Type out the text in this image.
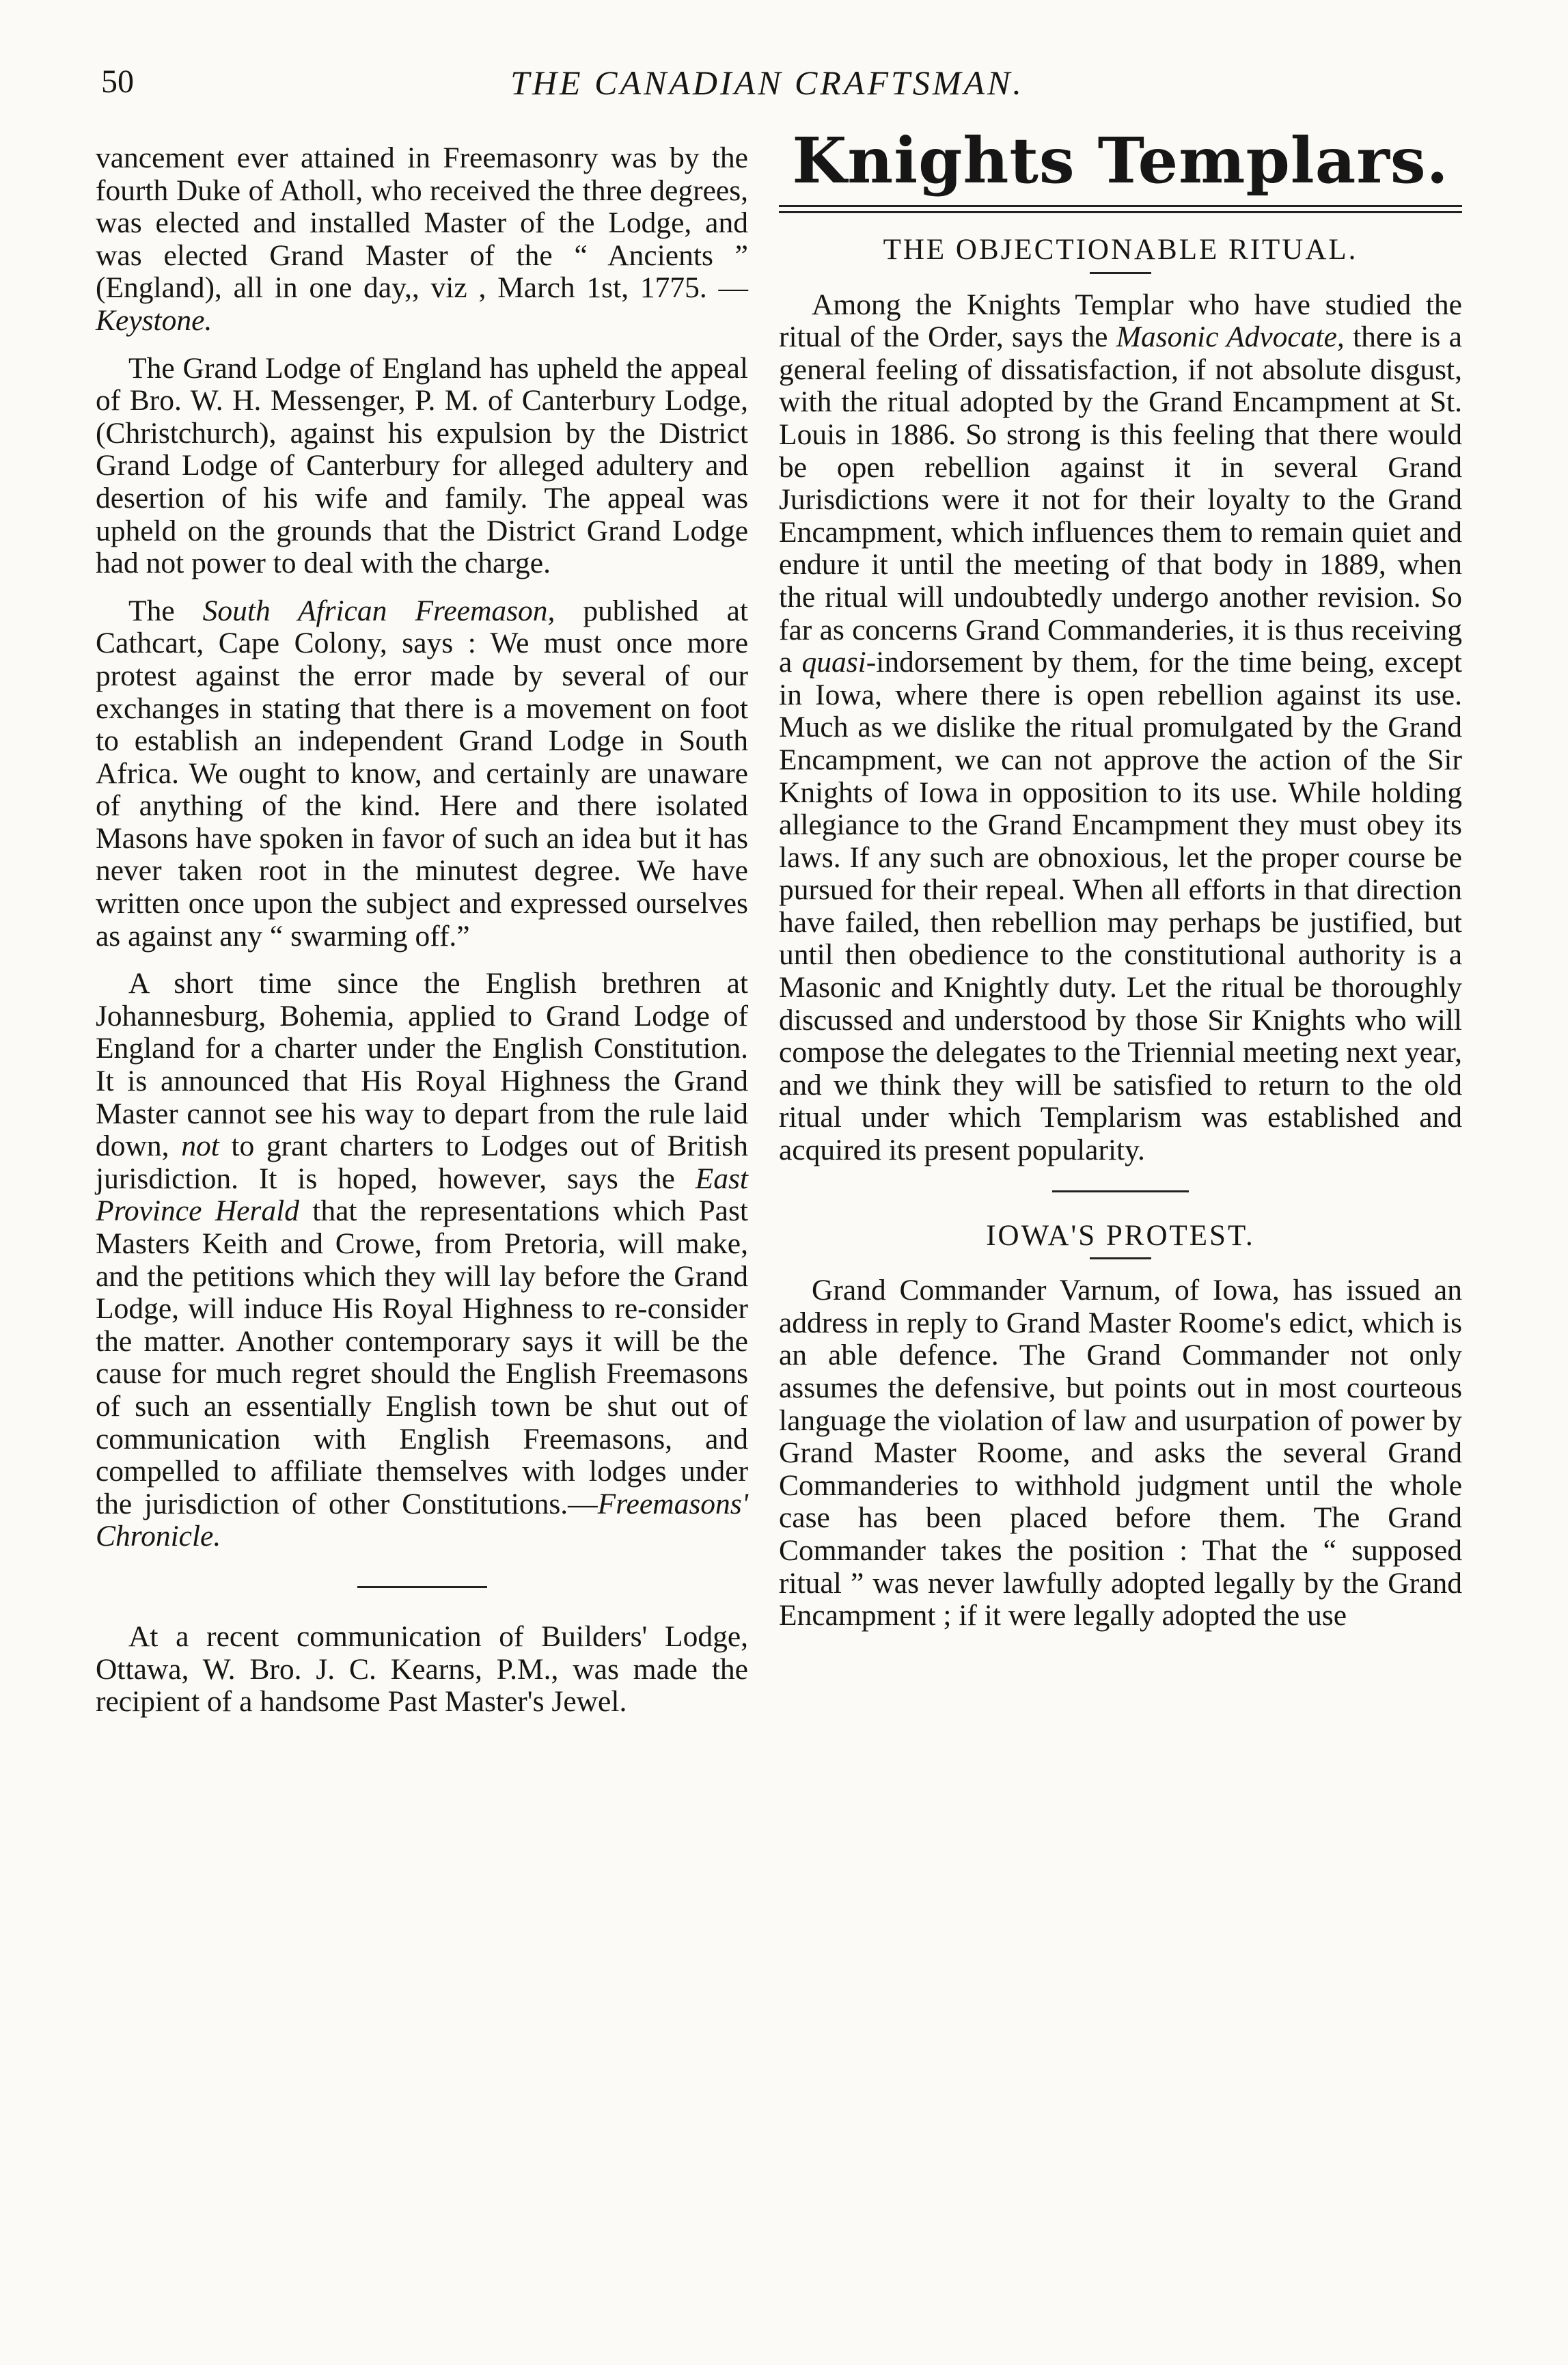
50	THE CANADIAN CRAFTSMAN.

vancement ever attained in Freemasonry was by the fourth Duke of Atholl, who received the three degrees, was elected and installed Master of the Lodge, and was elected Grand Master of the “ Ancients ” (England), all in one day,, viz , March 1st, 1775. —Keystone.

The Grand Lodge of England has upheld the appeal of Bro. W. H. Messenger, P. M. of Canterbury Lodge, (Christchurch), against his expulsion by the District Grand Lodge of Canterbury for alleged adultery and desertion of his wife and family. The appeal was upheld on the grounds that the District Grand Lodge had not power to deal with the charge.

The South African Freemason, published at Cathcart, Cape Colony, says : We must once more protest against the error made by several of our exchanges in stating that there is a movement on foot to establish an independent Grand Lodge in South Africa. We ought to know, and certainly are unaware of anything of the kind. Here and there isolated Masons have spoken in favor of such an idea but it has never taken root in the minutest degree. We have written once upon the subject and expressed ourselves as against any “ swarming off.”

A short time since the English brethren at Johannesburg, Bohemia, applied to Grand Lodge of England for a charter under the English Constitution. It is announced that His Royal Highness the Grand Master cannot see his way to depart from the rule laid down, not to grant charters to Lodges out of British jurisdiction. It is hoped, however, says the East Province Herald that the representations which Past Masters Keith and Crowe, from Pretoria, will make, and the petitions which they will lay before the Grand Lodge, will induce His Royal Highness to re-consider the matter. Another contemporary says it will be the cause for much regret should the English Freemasons of such an essentially English town be shut out of communication with English Freemasons, and compelled to affiliate themselves with lodges under the jurisdiction of other Constitutions.—Freemasons' Chronicle.

At a recent communication of Builders' Lodge, Ottawa, W. Bro. J. C. Kearns, P.M., was made the recipient of a handsome Past Master's Jewel.

Knights Templars.
THE OBJECTIONABLE RITUAL.

Among the Knights Templar who have studied the ritual of the Order, says the Masonic Advocate, there is a general feeling of dissatisfaction, if not absolute disgust, with the ritual adopted by the Grand Encampment at St. Louis in 1886. So strong is this feeling that there would be open rebellion against it in several Grand Jurisdictions were it not for their loyalty to the Grand Encampment, which influences them to remain quiet and endure it until the meeting of that body in 1889, when the ritual will undoubtedly undergo another revision. So far as concerns Grand Commanderies, it is thus receiving a quasi-indorsement by them, for the time being, except in Iowa, where there is open rebellion against its use. Much as we dislike the ritual promulgated by the Grand Encampment, we can not approve the action of the Sir Knights of Iowa in opposition to its use. While holding allegiance to the Grand Encampment they must obey its laws. If any such are obnoxious, let the proper course be pursued for their repeal. When all efforts in that direction have failed, then rebellion may perhaps be justified, but until then obedience to the constitutional authority is a Masonic and Knightly duty. Let the ritual be thoroughly discussed and understood by those Sir Knights who will compose the delegates to the Triennial meeting next year, and we think they will be satisfied to return to the old ritual under which Templarism was established and acquired its present popularity.

IOWA'S PROTEST.

Grand Commander Varnum, of Iowa, has issued an address in reply to Grand Master Roome's edict, which is an able defence. The Grand Commander not only assumes the defensive, but points out in most courteous language the violation of law and usurpation of power by Grand Master Roome, and asks the several Grand Commanderies to withhold judgment until the whole case has been placed before them. The Grand Commander takes the position : That the “ supposed ritual ” was never lawfully adopted legally by the Grand Encampment ; if it were legally adopted the use
